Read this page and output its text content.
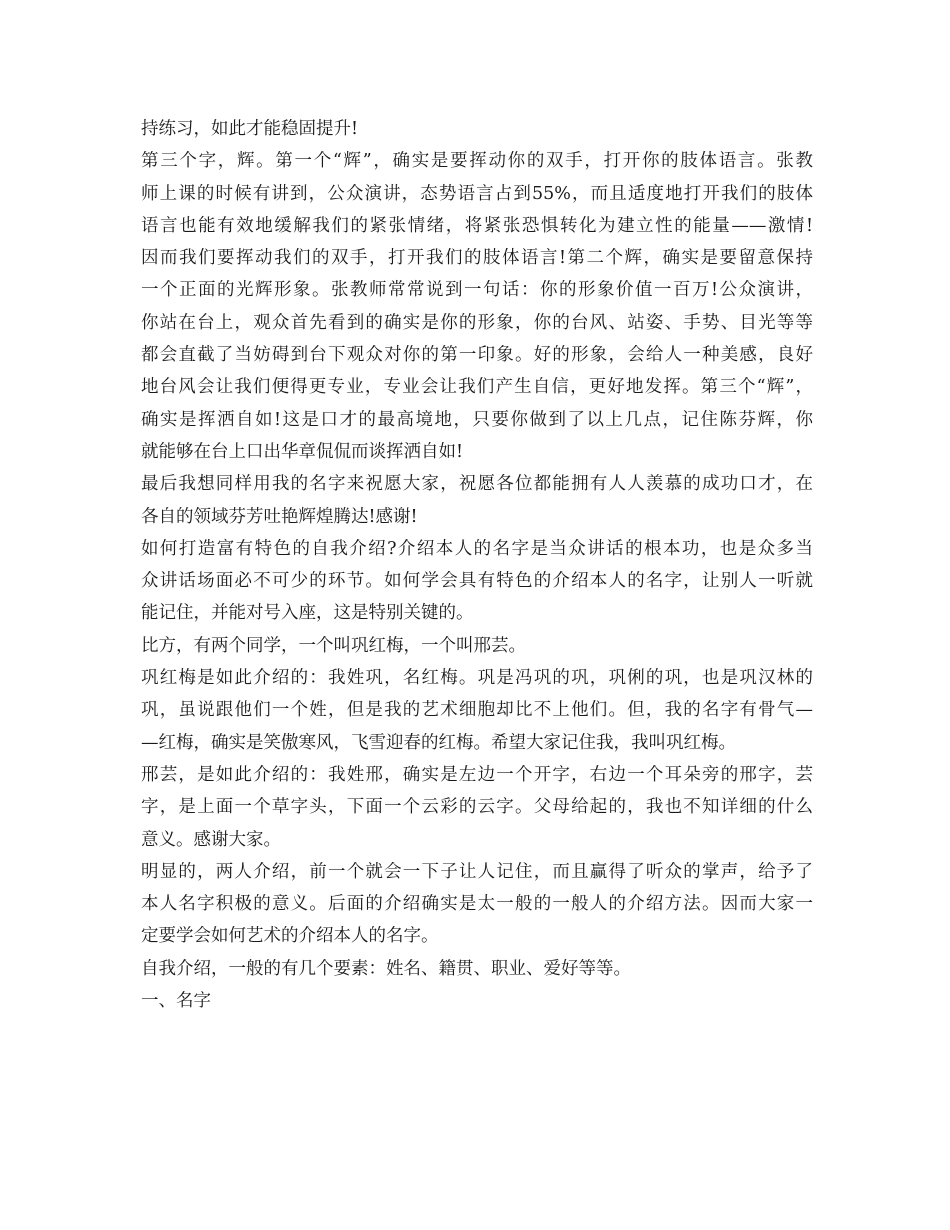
持练习，如此才能稳固提升!
第三个字，辉。第一个“辉”，确实是要挥动你的双手，打开你的肢体语言。张教
师上课的时候有讲到，公众演讲，态势语言占到55%，而且适度地打开我们的肢体
语言也能有效地缓解我们的紧张情绪，将紧张恐惧转化为建立性的能量——激情!
因而我们要挥动我们的双手，打开我们的肢体语言!第二个辉，确实是要留意保持
一个正面的光辉形象。张教师常常说到一句话：你的形象价值一百万!公众演讲，
你站在台上，观众首先看到的确实是你的形象，你的台风、站姿、手势、目光等等
都会直截了当妨碍到台下观众对你的第一印象。好的形象，会给人一种美感，良好
地台风会让我们便得更专业，专业会让我们产生自信，更好地发挥。第三个“辉”，
确实是挥洒自如!这是口才的最高境地，只要你做到了以上几点，记住陈芬辉，你
就能够在台上口出华章侃侃而谈挥洒自如!
最后我想同样用我的名字来祝愿大家，祝愿各位都能拥有人人羡慕的成功口才，在
各自的领域芬芳吐艳辉煌腾达!感谢!
如何打造富有特色的自我介绍?介绍本人的名字是当众讲话的根本功，也是众多当
众讲话场面必不可少的环节。如何学会具有特色的介绍本人的名字，让别人一听就
能记住，并能对号入座，这是特别关键的。
比方，有两个同学，一个叫巩红梅，一个叫邢芸。
巩红梅是如此介绍的：我姓巩，名红梅。巩是冯巩的巩，巩俐的巩，也是巩汉林的
巩，虽说跟他们一个姓，但是我的艺术细胞却比不上他们。但，我的名字有骨气—
—红梅，确实是笑傲寒风，飞雪迎春的红梅。希望大家记住我，我叫巩红梅。
邢芸，是如此介绍的：我姓邢，确实是左边一个开字，右边一个耳朵旁的邢字，芸
字，是上面一个草字头，下面一个云彩的云字。父母给起的，我也不知详细的什么
意义。感谢大家。
明显的，两人介绍，前一个就会一下子让人记住，而且赢得了听众的掌声，给予了
本人名字积极的意义。后面的介绍确实是太一般的一般人的介绍方法。因而大家一
定要学会如何艺术的介绍本人的名字。
自我介绍，一般的有几个要素：姓名、籍贯、职业、爱好等等。
一、名字
